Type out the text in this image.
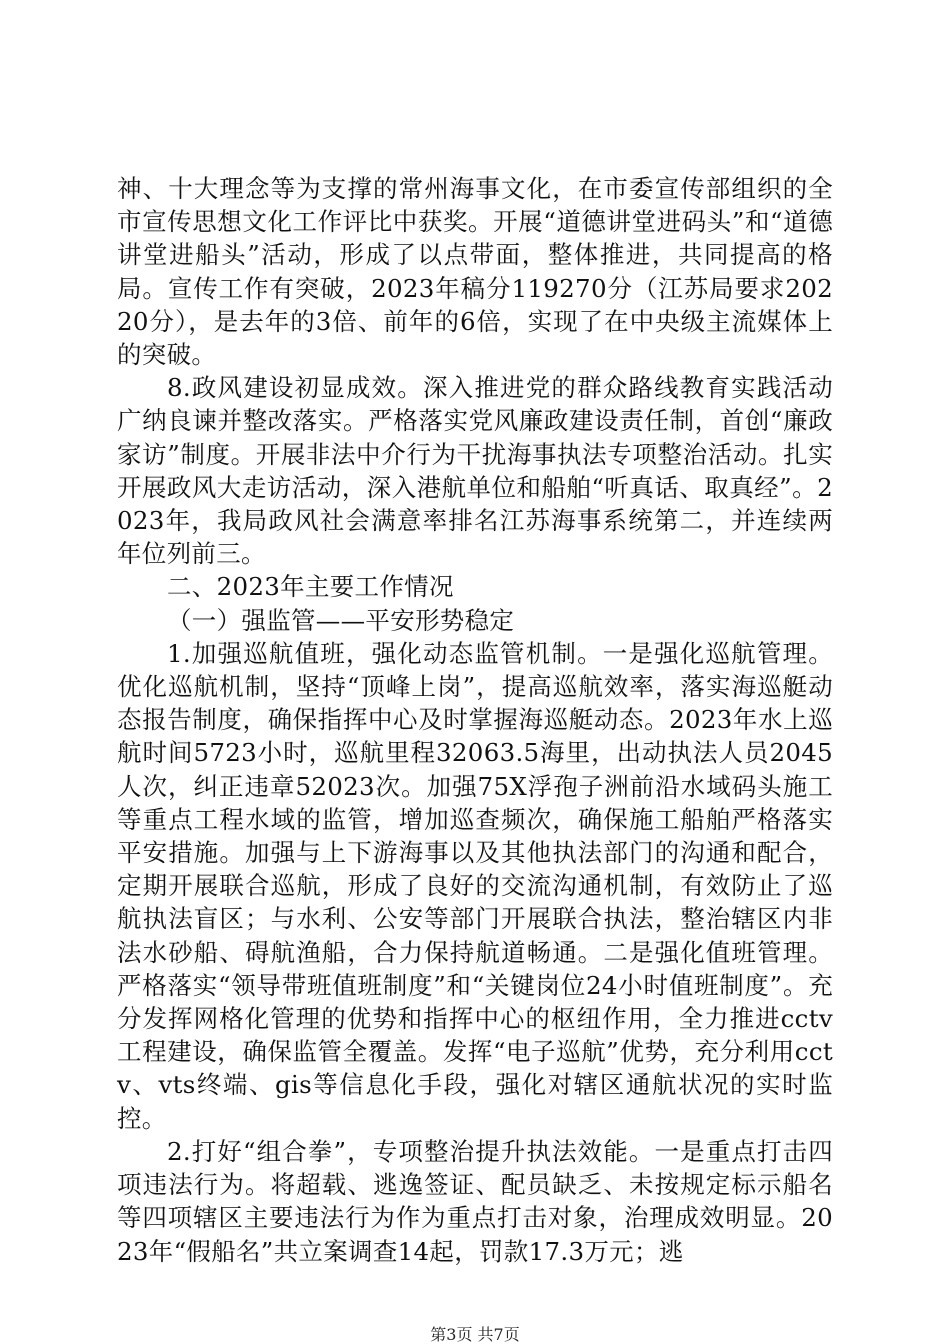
神、十大理念等为支撑的常州海事文化，在市委宣传部组织的全市宣传思想文化工作评比中获奖。开展“道德讲堂进码头”和“道德讲堂进船头”活动，形成了以点带面，整体推进，共同提高的格局。宣传工作有突破，2023年稿分119270分（江苏局要求20220分），是去年的3倍、前年的6倍，实现了在中央级主流媒体上的突破。

8.政风建设初显成效。深入推进党的群众路线教育实践活动广纳良谏并整改落实。严格落实党风廉政建设责任制，首创“廉政家访”制度。开展非法中介行为干扰海事执法专项整治活动。扎实开展政风大走访活动，深入港航单位和船舶“听真话、取真经”。2023年，我局政风社会满意率排名江苏海事系统第二，并连续两年位列前三。

二、2023年主要工作情况

（一）强监管——平安形势稳定

1.加强巡航值班，强化动态监管机制。一是强化巡航管理。优化巡航机制，坚持“顶峰上岗”，提高巡航效率，落实海巡艇动态报告制度，确保指挥中心及时掌握海巡艇动态。2023年水上巡航时间5723小时，巡航里程32063.5海里，出动执法人员2045人次，纠正违章52023次。加强75X浮孢子洲前沿水域码头施工等重点工程水域的监管，增加巡查频次，确保施工船舶严格落实平安措施。加强与上下游海事以及其他执法部门的沟通和配合，定期开展联合巡航，形成了良好的交流沟通机制，有效防止了巡航执法盲区；与水利、公安等部门开展联合执法，整治辖区内非法水砂船、碍航渔船，合力保持航道畅通。二是强化值班管理。严格落实“领导带班值班制度”和“关键岗位24小时值班制度”。充分发挥网格化管理的优势和指挥中心的枢纽作用，全力推进cctv工程建设，确保监管全覆盖。发挥“电子巡航”优势，充分利用cctv、vts终端、gis等信息化手段，强化对辖区通航状况的实时监控。

2.打好“组合拳”，专项整治提升执法效能。一是重点打击四项违法行为。将超载、逃逸签证、配员缺乏、未按规定标示船名等四项辖区主要违法行为作为重点打击对象，治理成效明显。2023年“假船名”共立案调查14起，罚款17.3万元；逃

第3页 共7页
